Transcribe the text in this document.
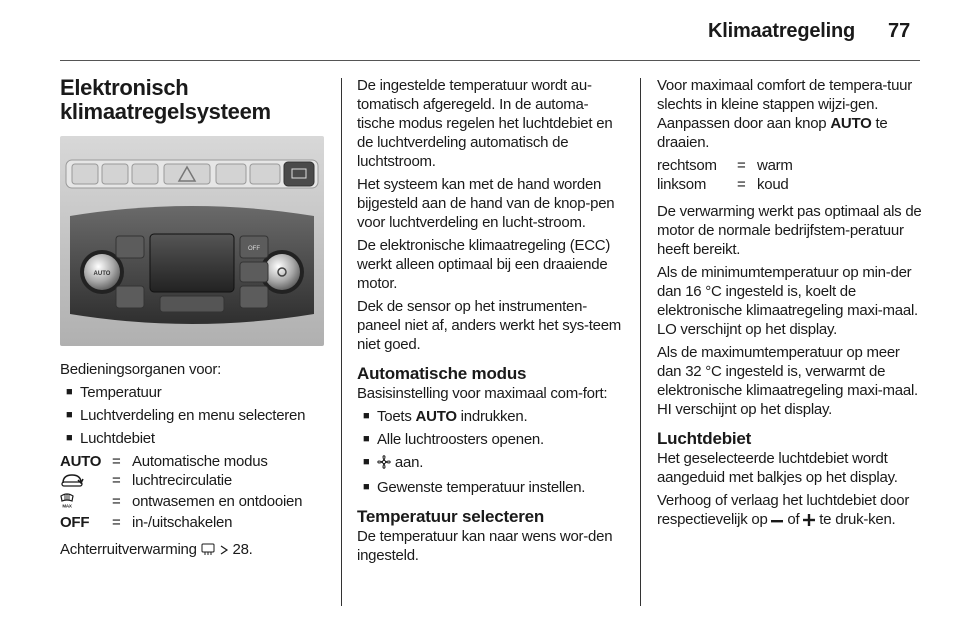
Klimaatregeling 77
Elektronisch
klimaatregelsysteem
AUTO
OFF

Bedieningsorganen voor:

■ Temperatuur
■ Luchtverdeling en menu selecteren
■ Luchtdebiet
AUTO	=	Automatische modus
	=	luchtrecirculatie

MAX	=	ontwasemen en ontdooien
OFF	=	in-/uitschakelen

Achterruitverwarming 28.

De ingestelde temperatuur wordt au-tomatisch afgeregeld. In de automa-tische modus regelen het luchtdebiet en de luchtverdeling automatisch de luchtstroom.

Het systeem kan met de hand worden bijgesteld aan de hand van de knop-pen voor luchtverdeling en lucht-stroom.

De elektronische klimaatregeling (ECC) werkt alleen optimaal bij een draaiende motor.

Dek de sensor op het instrumenten-paneel niet af, anders werkt het sys-teem niet goed.

Automatische modus

Basisinstelling voor maximaal com-fort:

■ Toets AUTO indrukken.
■ Alle luchtroosters openen.
■ aan.
■ Gewenste temperatuur instellen.
Temperatuur selecteren

De temperatuur kan naar wens wor-den ingesteld.

Voor maximaal comfort de tempera-tuur slechts in kleine stappen wijzi-gen. Aanpassen door aan knop AUTO te draaien.

rechtsom	=	warm
linksom	=	koud

De verwarming werkt pas optimaal als de motor de normale bedrijfstem-peratuur heeft bereikt.

Als de minimumtemperatuur op min-der dan 16 °C ingesteld is, koelt de elektronische klimaatregeling maxi-maal. LO verschijnt op het display.

Als de maximumtemperatuur op meer dan 32 °C ingesteld is, verwarmt de elektronische klimaatregeling maxi-maal. HI verschijnt op het display.

Luchtdebiet

Het geselecteerde luchtdebiet wordt aangeduid met balkjes op het display.

Verhoog of verlaag het luchtdebiet door respectievelijk op  of  te druk-ken.
